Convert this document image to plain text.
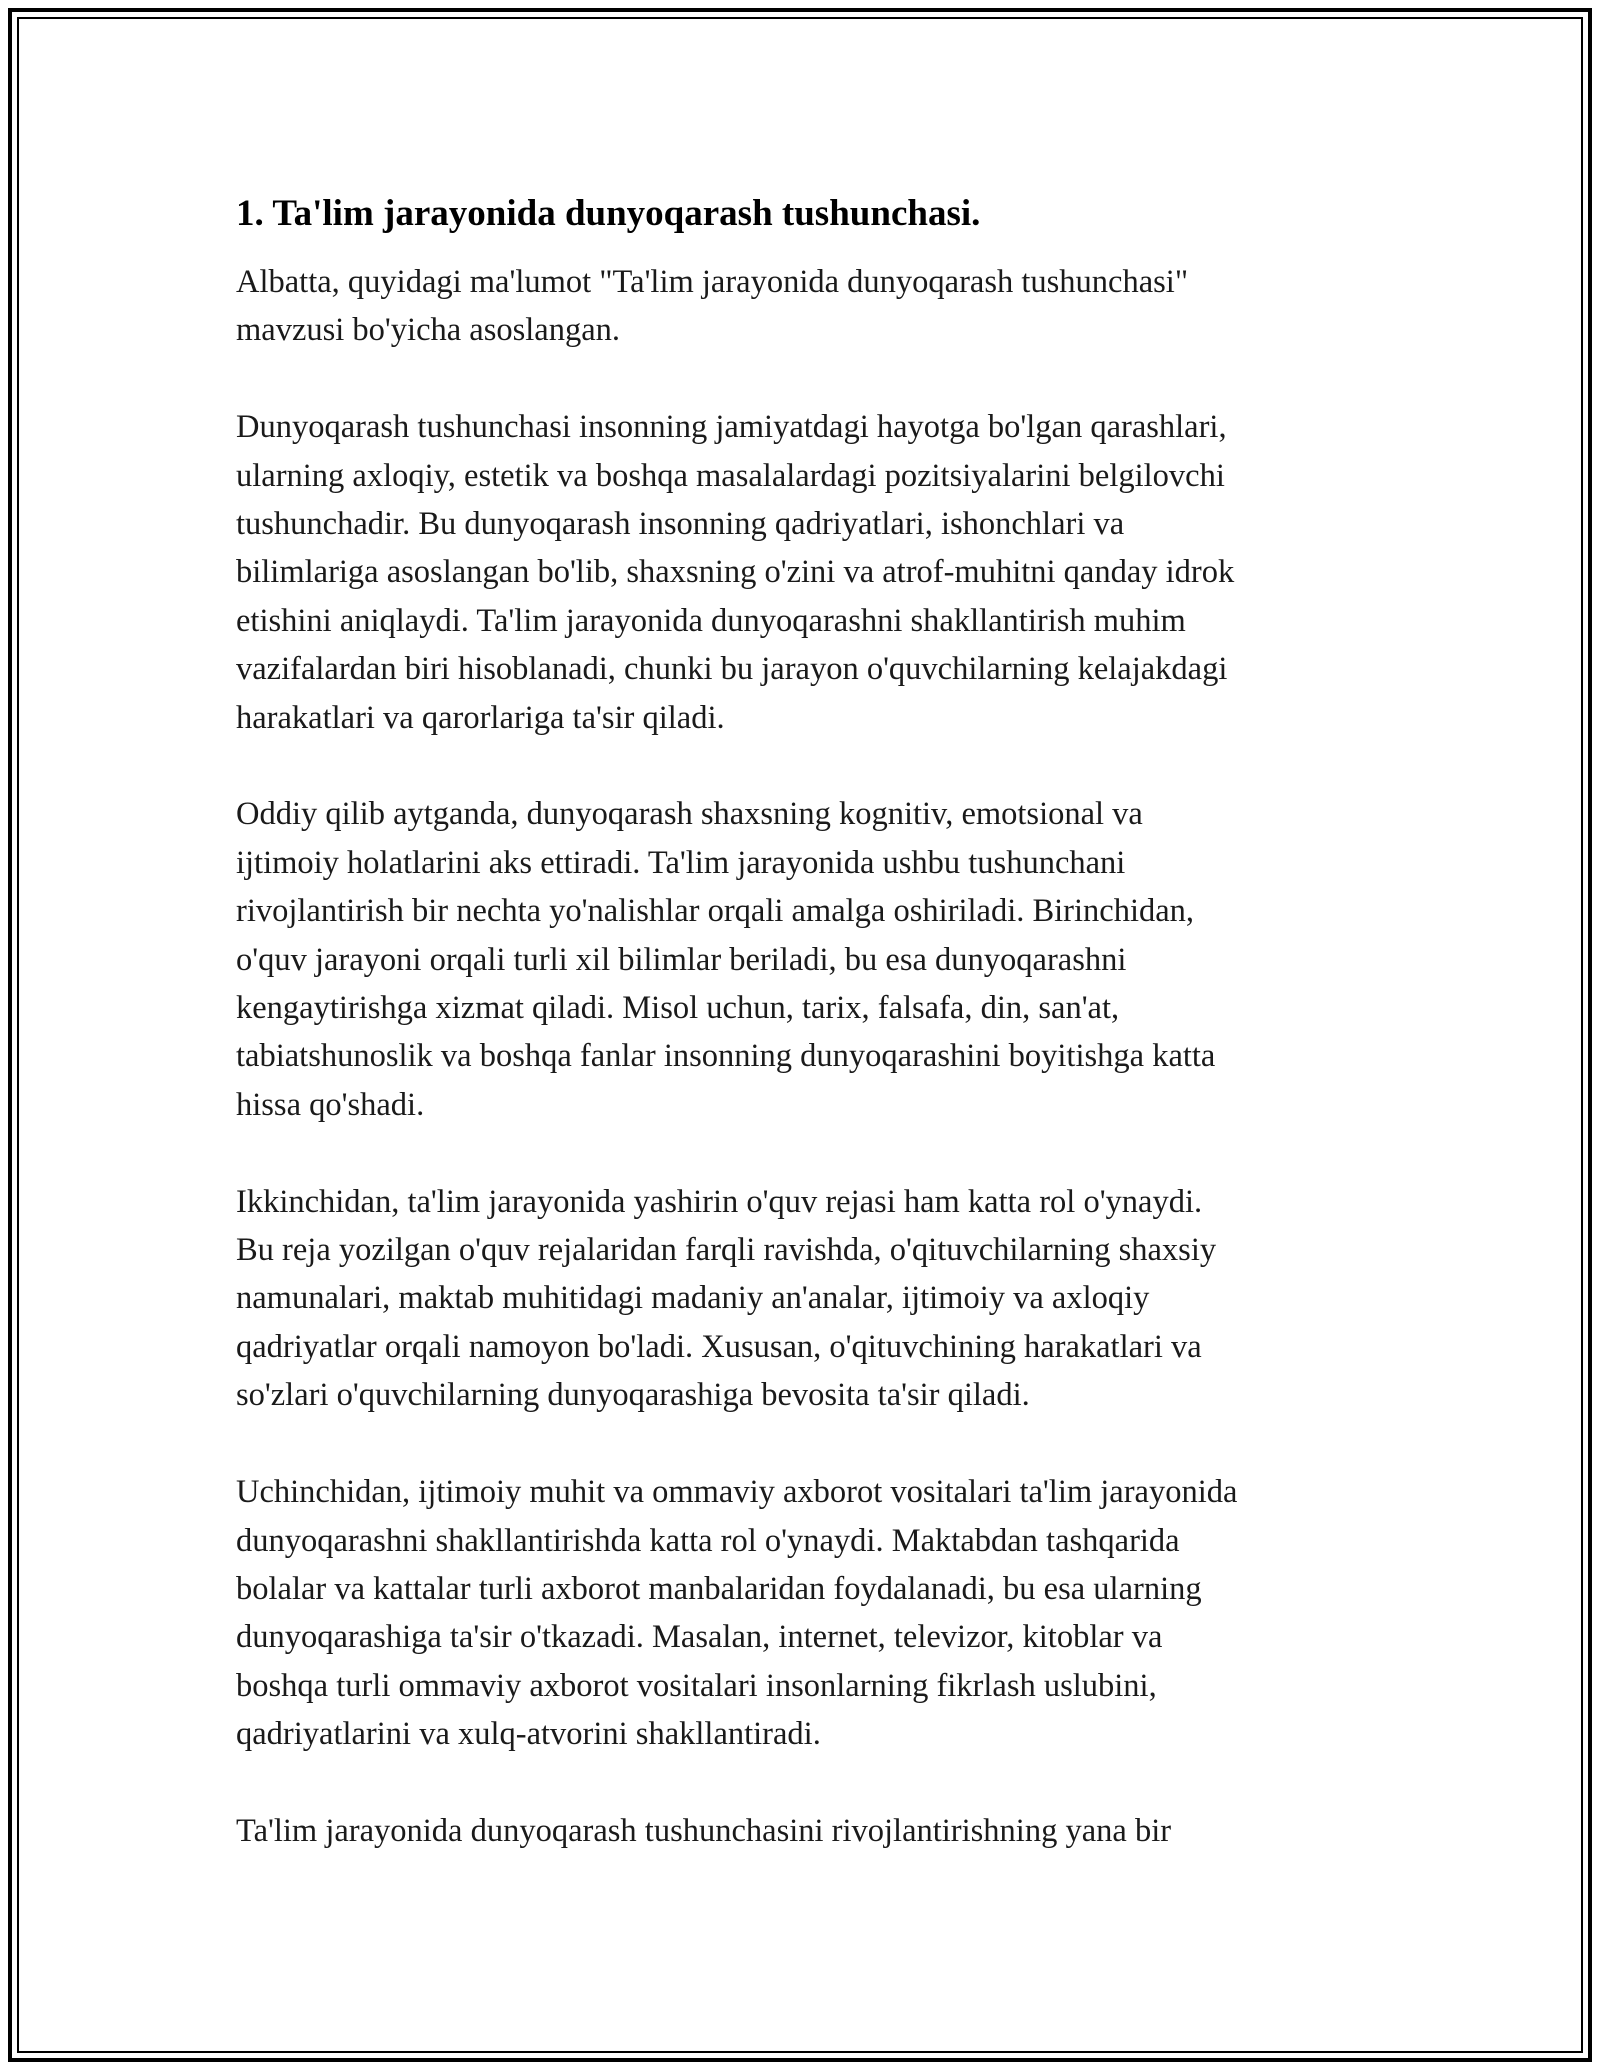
1. Ta'lim jarayonida dunyoqarash tushunchasi.

Albatta, quyidagi ma'lumot "Ta'lim jarayonida dunyoqarash tushunchasi"
mavzusi bo'yicha asoslangan.

Dunyoqarash tushunchasi insonning jamiyatdagi hayotga bo'lgan qarashlari,
ularning axloqiy, estetik va boshqa masalalardagi pozitsiyalarini belgilovchi
tushunchadir. Bu dunyoqarash insonning qadriyatlari, ishonchlari va
bilimlariga asoslangan bo'lib, shaxsning o'zini va atrof-muhitni qanday idrok
etishini aniqlaydi. Ta'lim jarayonida dunyoqarashni shakllantirish muhim
vazifalardan biri hisoblanadi, chunki bu jarayon o'quvchilarning kelajakdagi
harakatlari va qarorlariga ta'sir qiladi.

Oddiy qilib aytganda, dunyoqarash shaxsning kognitiv, emotsional va
ijtimoiy holatlarini aks ettiradi. Ta'lim jarayonida ushbu tushunchani
rivojlantirish bir nechta yo'nalishlar orqali amalga oshiriladi. Birinchidan,
o'quv jarayoni orqali turli xil bilimlar beriladi, bu esa dunyoqarashni
kengaytirishga xizmat qiladi. Misol uchun, tarix, falsafa, din, san'at,
tabiatshunoslik va boshqa fanlar insonning dunyoqarashini boyitishga katta
hissa qo'shadi.

Ikkinchidan, ta'lim jarayonida yashirin o'quv rejasi ham katta rol o'ynaydi.
Bu reja yozilgan o'quv rejalaridan farqli ravishda, o'qituvchilarning shaxsiy
namunalari, maktab muhitidagi madaniy an'analar, ijtimoiy va axloqiy
qadriyatlar orqali namoyon bo'ladi. Xususan, o'qituvchining harakatlari va
so'zlari o'quvchilarning dunyoqarashiga bevosita ta'sir qiladi.

Uchinchidan, ijtimoiy muhit va ommaviy axborot vositalari ta'lim jarayonida
dunyoqarashni shakllantirishda katta rol o'ynaydi. Maktabdan tashqarida
bolalar va kattalar turli axborot manbalaridan foydalanadi, bu esa ularning
dunyoqarashiga ta'sir o'tkazadi. Masalan, internet, televizor, kitoblar va
boshqa turli ommaviy axborot vositalari insonlarning fikrlash uslubini,
qadriyatlarini va xulq-atvorini shakllantiradi.

Ta'lim jarayonida dunyoqarash tushunchasini rivojlantirishning yana bir
